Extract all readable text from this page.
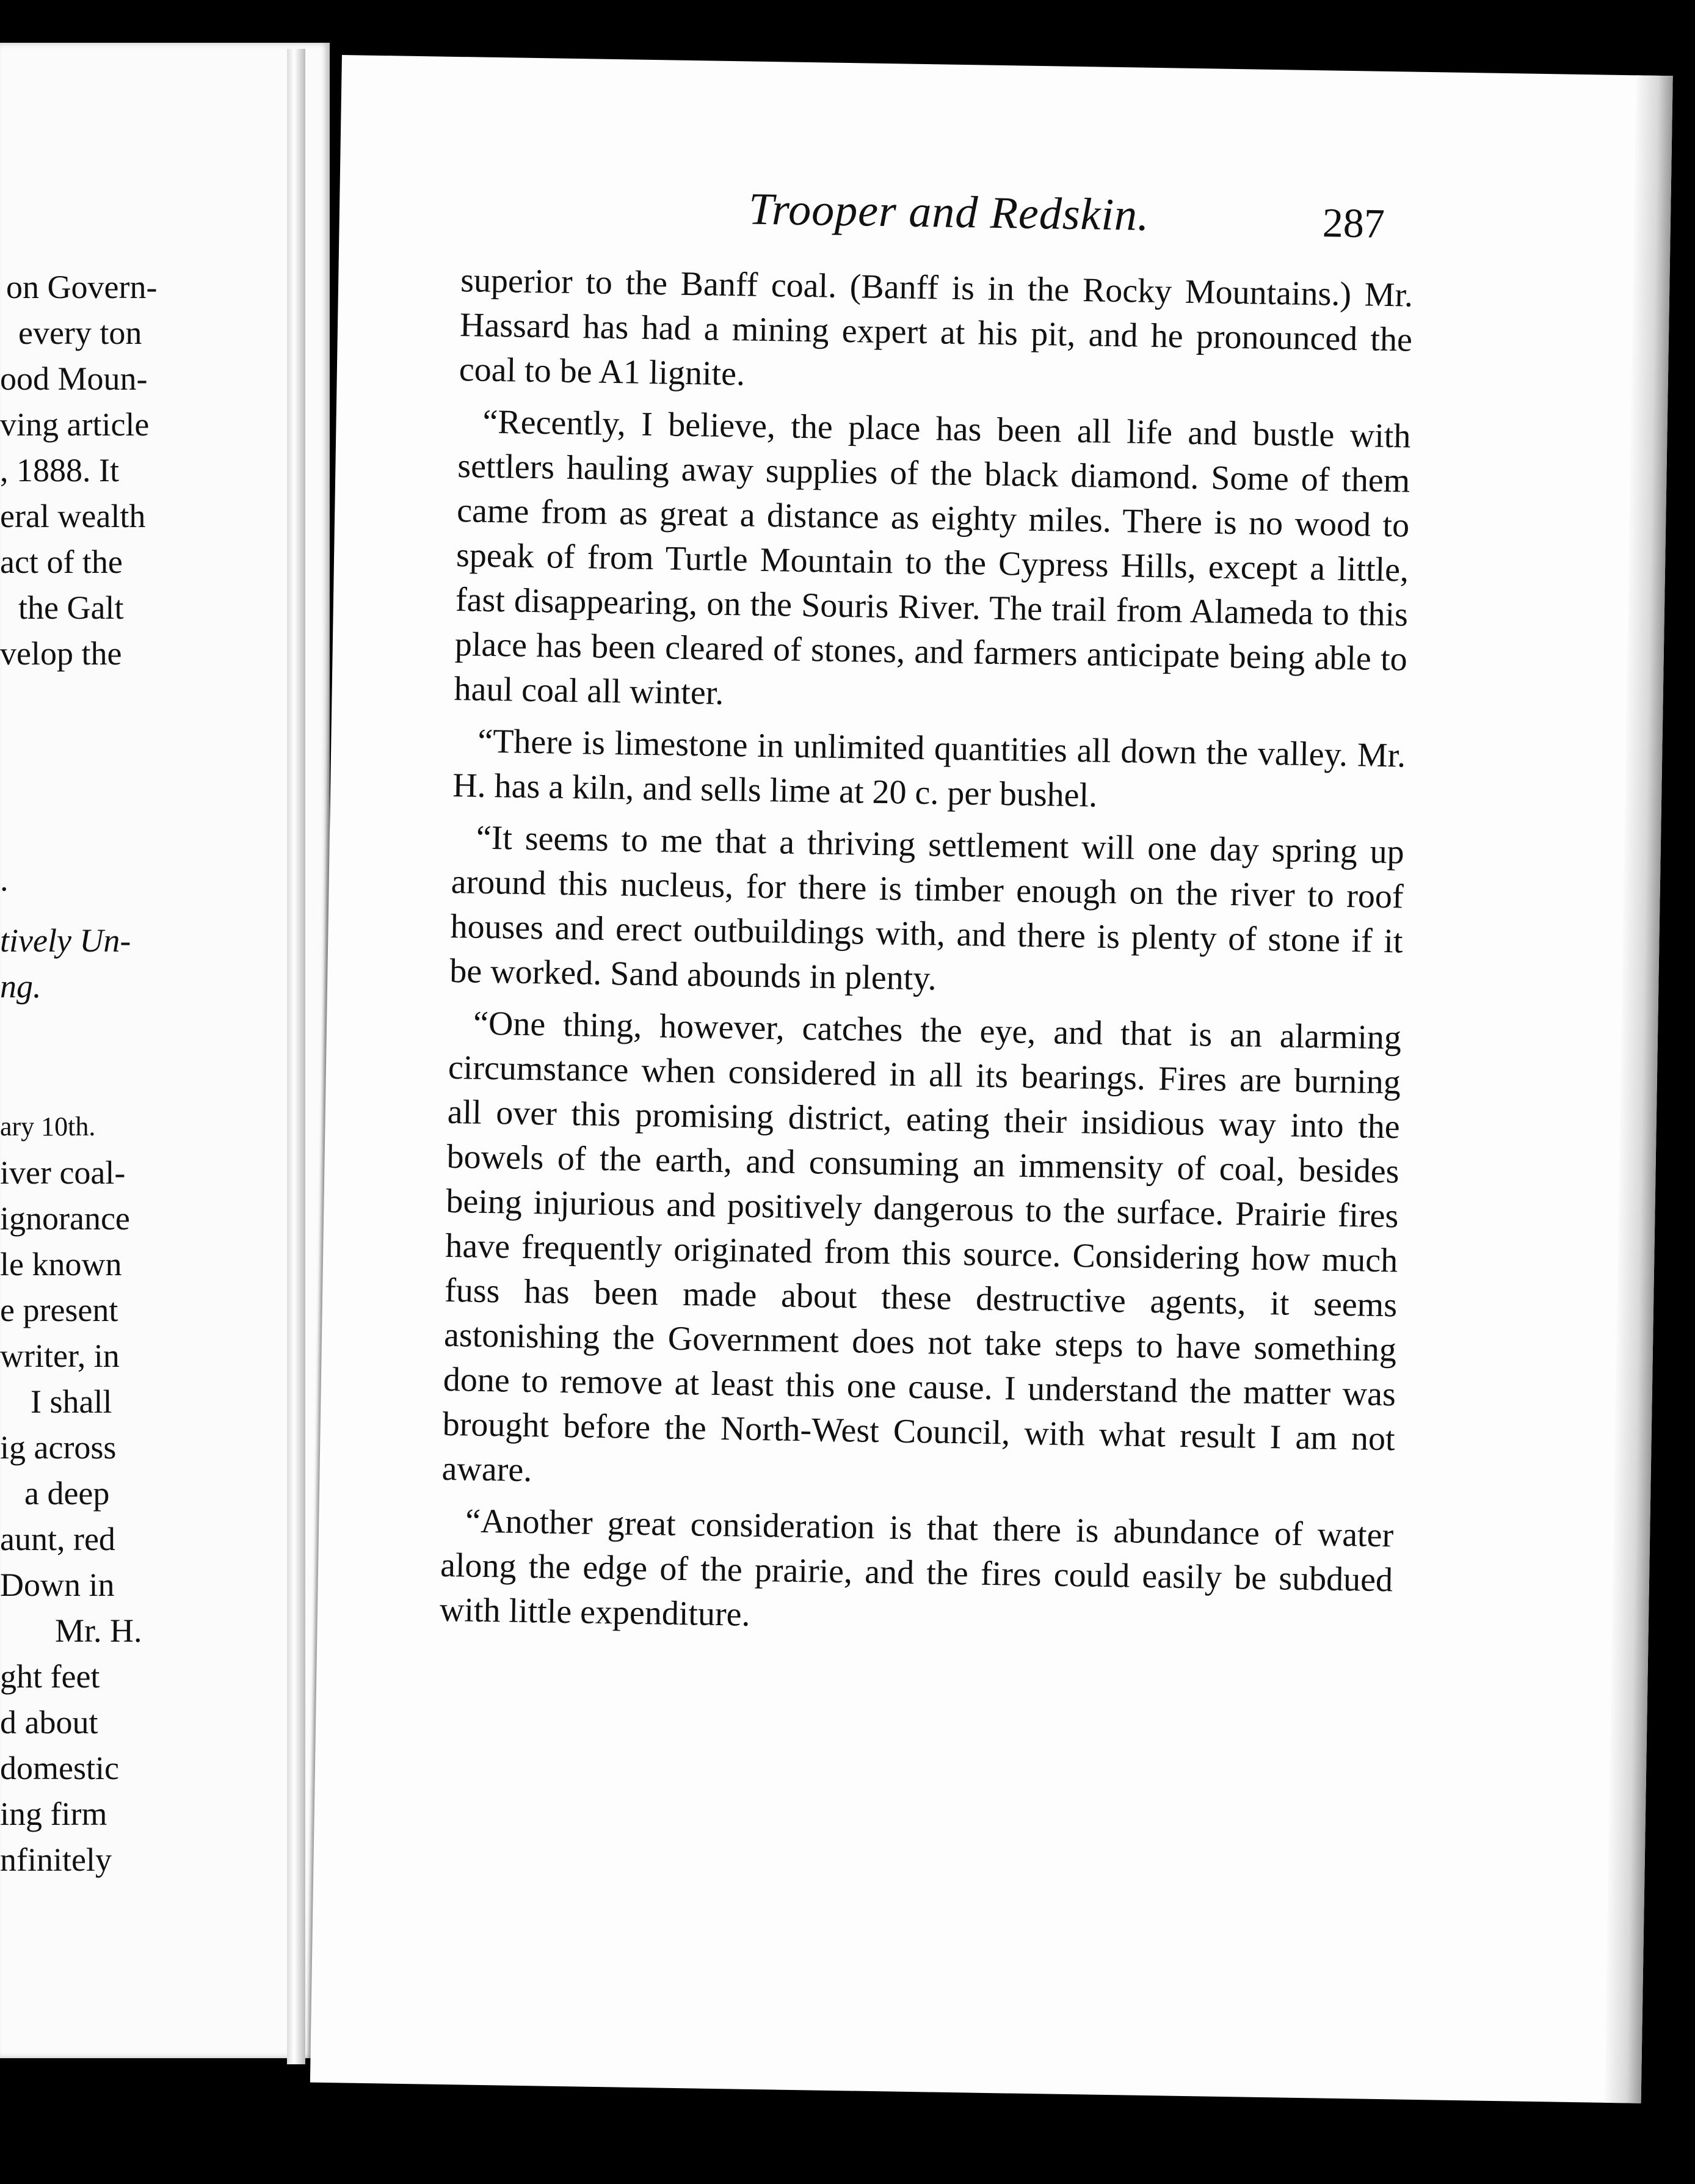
on Govern-
every ton
ood Moun-
ving article
, 1888. It
eral wealth
act of the
the Galt
velop the
.
tively Un-
ng.
ary 10th.
iver coal-
ignorance
le known
e present
writer, in
I shall
ig across
a deep
aunt, red
Down in
Mr. H.
ght feet
d about
domestic
ing firm
nfinitely
Trooper and Redskin.	287

superior to the Banff coal. (Banff is in the Rocky Mountains.) Mr. Hassard has had a mining expert at his pit, and he pronounced the coal to be A1 lignite.

“Recently, I believe, the place has been all life and bustle with settlers hauling away supplies of the black diamond. Some of them came from as great a distance as eighty miles. There is no wood to speak of from Turtle Mountain to the Cypress Hills, except a little, fast disappearing, on the Souris River. The trail from Alameda to this place has been cleared of stones, and farmers anticipate being able to haul coal all winter.

“There is limestone in unlimited quantities all down the valley. Mr. H. has a kiln, and sells lime at 20 c. per bushel.

“It seems to me that a thriving settlement will one day spring up around this nucleus, for there is timber enough on the river to roof houses and erect outbuildings with, and there is plenty of stone if it be worked. Sand abounds in plenty.

“One thing, however, catches the eye, and that is an alarming circumstance when considered in all its bearings. Fires are burning all over this promising district, eating their insidious way into the bowels of the earth, and consuming an immensity of coal, besides being injurious and positively dangerous to the surface. Prairie fires have frequently originated from this source. Considering how much fuss has been made about these destructive agents, it seems astonishing the Government does not take steps to have something done to remove at least this one cause. I understand the matter was brought before the North-West Council, with what result I am not aware.

“Another great consideration is that there is abundance of water along the edge of the prairie, and the fires could easily be subdued with little expenditure.
